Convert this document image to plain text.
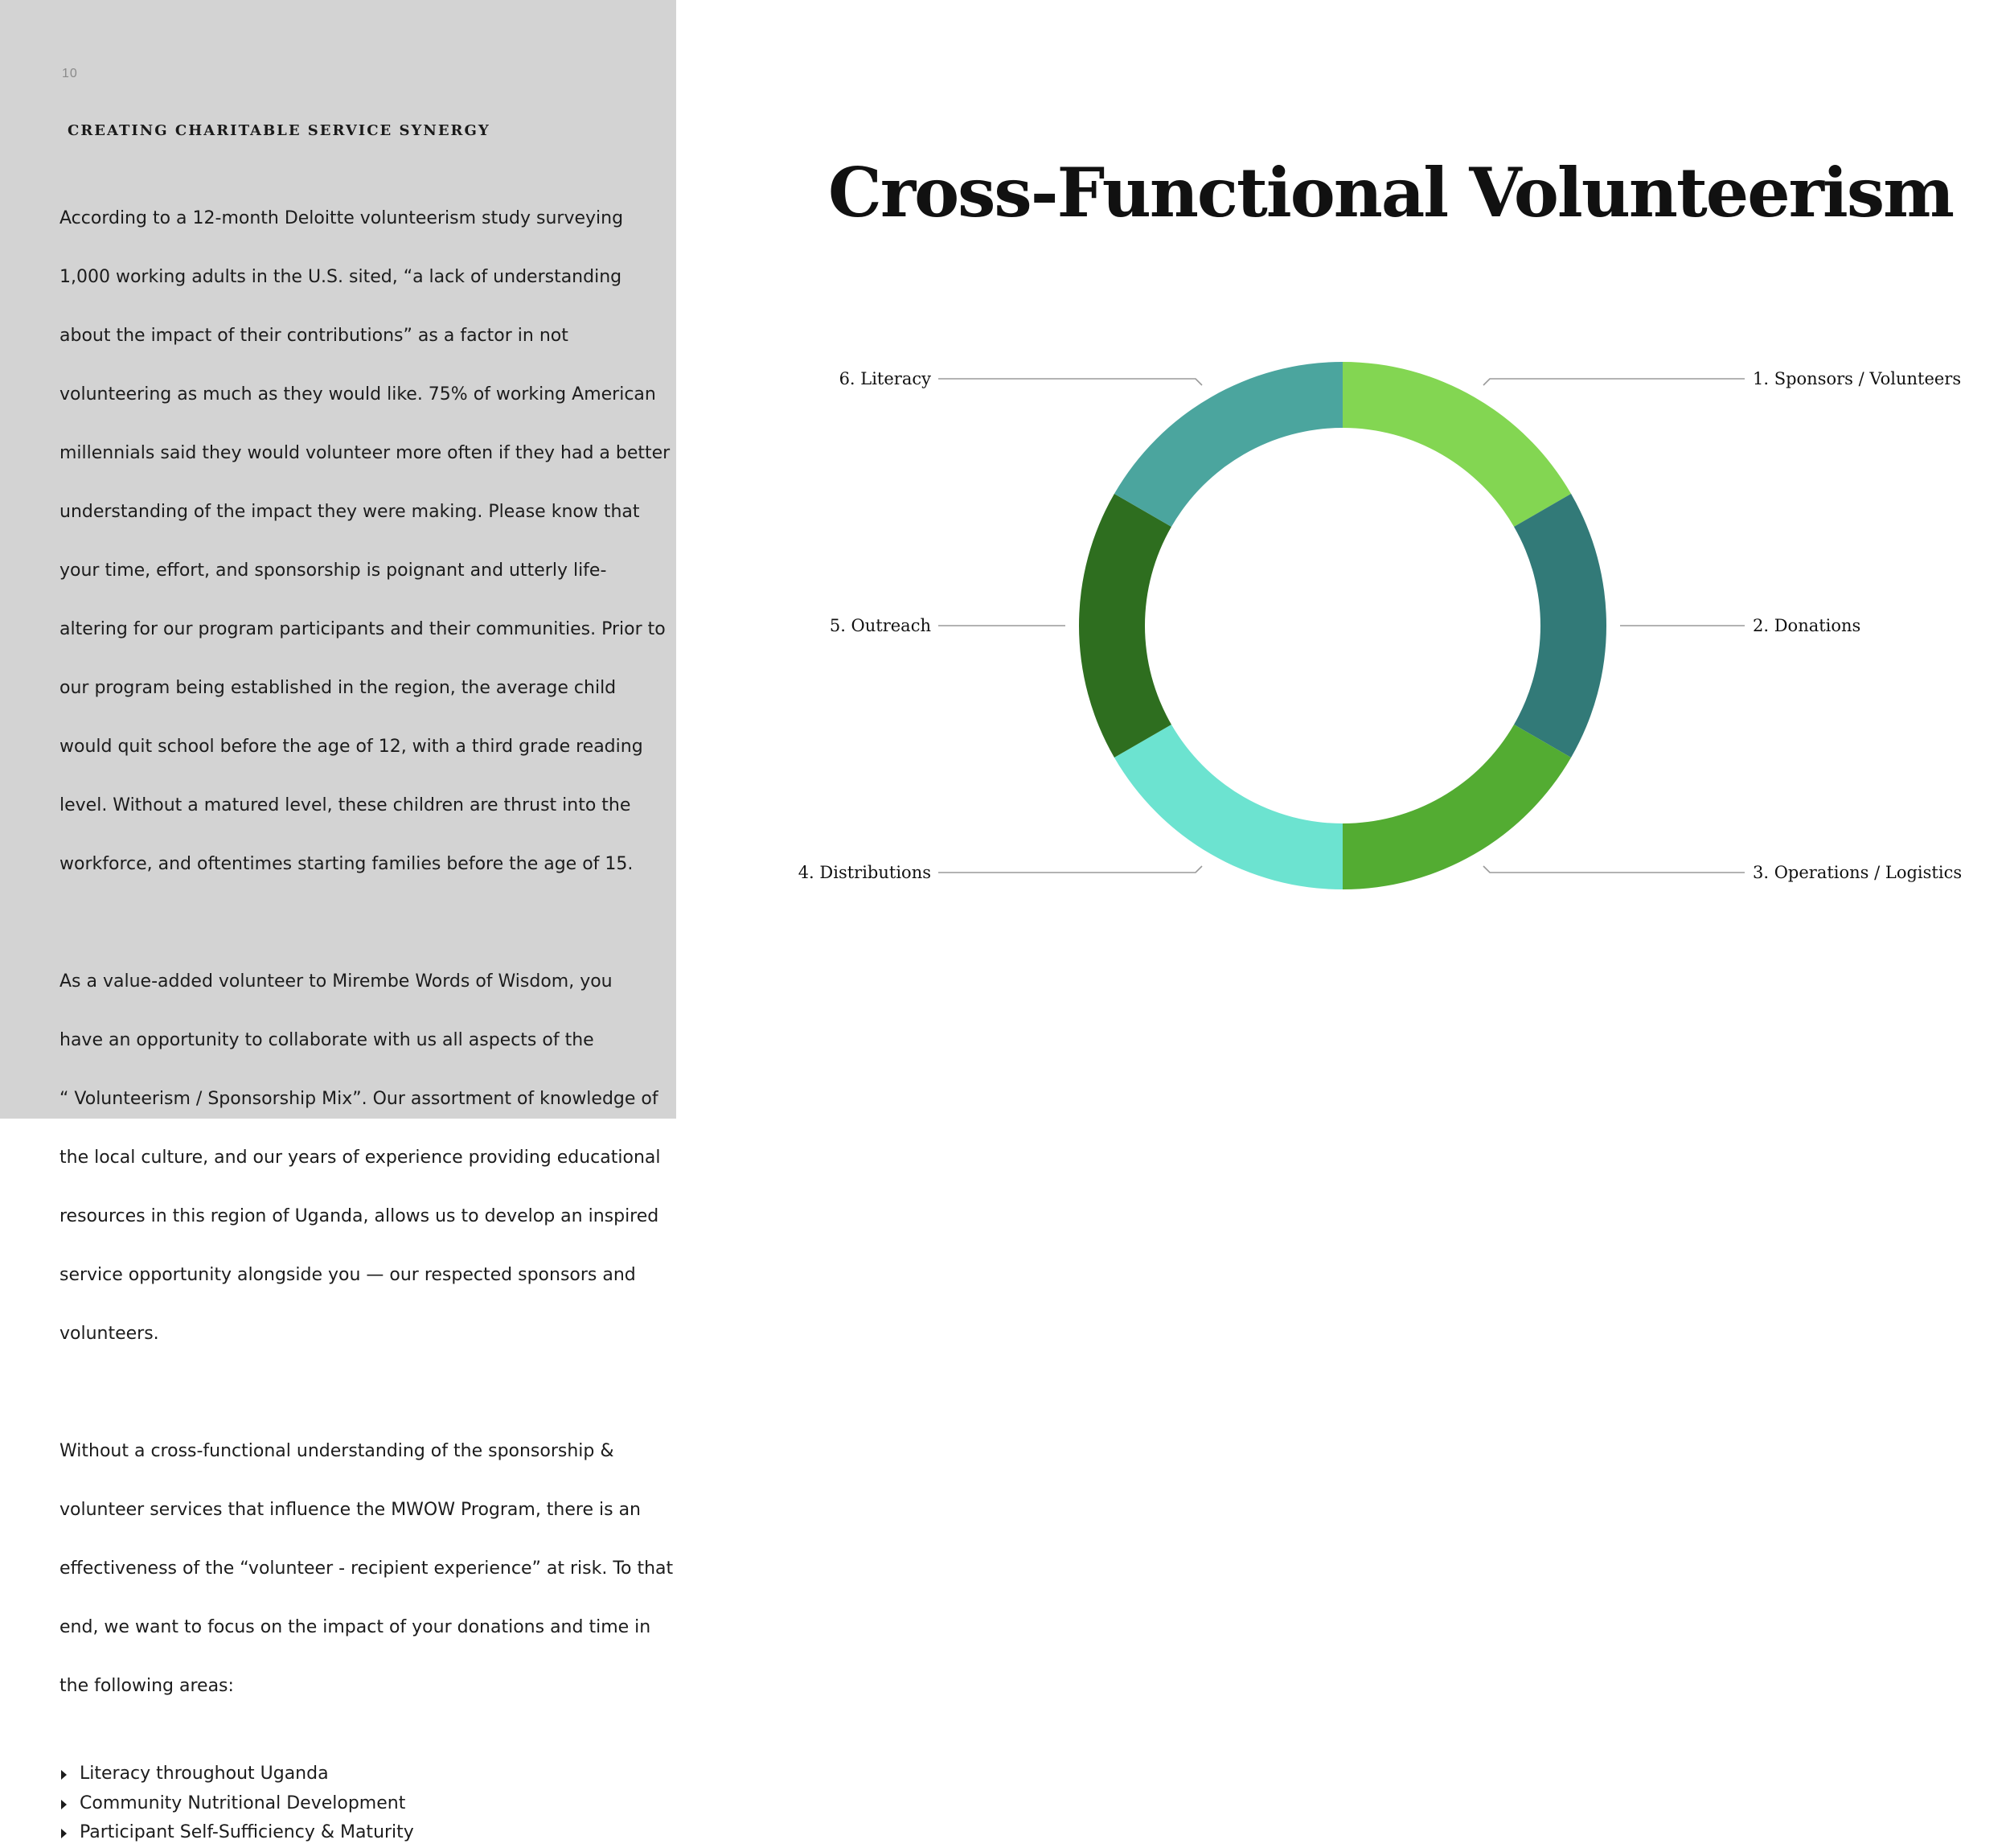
10
CREATING CHARITABLE SERVICE SYNERGY

According to a 12-month Deloitte volunteerism study surveying

1,000 working adults in the U.S. sited, “a lack of understanding

about the impact of their contributions” as a factor in not

volunteering as much as they would like. 75% of working American

millennials said they would volunteer more often if they had a better

understanding of the impact they were making. Please know that

your time, effort, and sponsorship is poignant and utterly life-

altering for our program participants and their communities. Prior to

our program being established in the region, the average child

would quit school before the age of 12, with a third grade reading

level. Without a matured level, these children are thrust into the

workforce, and oftentimes starting families before the age of 15.

As a value-added volunteer to Mirembe Words of Wisdom, you

have an opportunity to collaborate with us all aspects of the

“ Volunteerism / Sponsorship Mix”. Our assortment of knowledge of

the local culture, and our years of experience providing educational

resources in this region of Uganda, allows us to develop an inspired

service opportunity alongside you — our respected sponsors and

volunteers.

Without a cross-functional understanding of the sponsorship &

volunteer services that influence the MWOW Program, there is an

effectiveness of the “volunteer - recipient experience” at risk. To that

end, we want to focus on the impact of your donations and time in

the following areas:

Literacy throughout Uganda
Community Nutritional Development
Participant Self-Sufficiency & Maturity
Cross-Functional Volunteerism
1. Sponsors / Volunteers
2. Donations
3. Operations / Logistics
4. Distributions
5. Outreach
6. Literacy
